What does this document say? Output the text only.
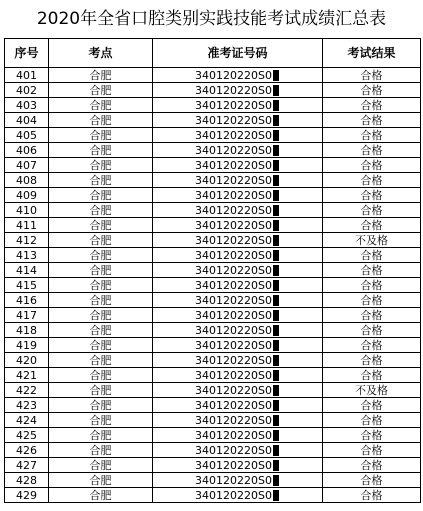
2020年全省口腔类别实践技能考试成绩汇总表
序号	考点	准考证号码	考试结果
401	合肥	340120220S0	合格
402	合肥	340120220S0	合格
403	合肥	340120220S0	合格
404	合肥	340120220S0	合格
405	合肥	340120220S0	合格
406	合肥	340120220S0	合格
407	合肥	340120220S0	合格
408	合肥	340120220S0	合格
409	合肥	340120220S0	合格
410	合肥	340120220S0	合格
411	合肥	340120220S0	合格
412	合肥	340120220S0	不及格
413	合肥	340120220S0	合格
414	合肥	340120220S0	合格
415	合肥	340120220S0	合格
416	合肥	340120220S0	合格
417	合肥	340120220S0	合格
418	合肥	340120220S0	合格
419	合肥	340120220S0	合格
420	合肥	340120220S0	合格
421	合肥	340120220S0	合格
422	合肥	340120220S0	不及格
423	合肥	340120220S0	合格
424	合肥	340120220S0	合格
425	合肥	340120220S0	合格
426	合肥	340120220S0	合格
427	合肥	340120220S0	合格
428	合肥	340120220S0	合格
429	合肥	340120220S0	合格
